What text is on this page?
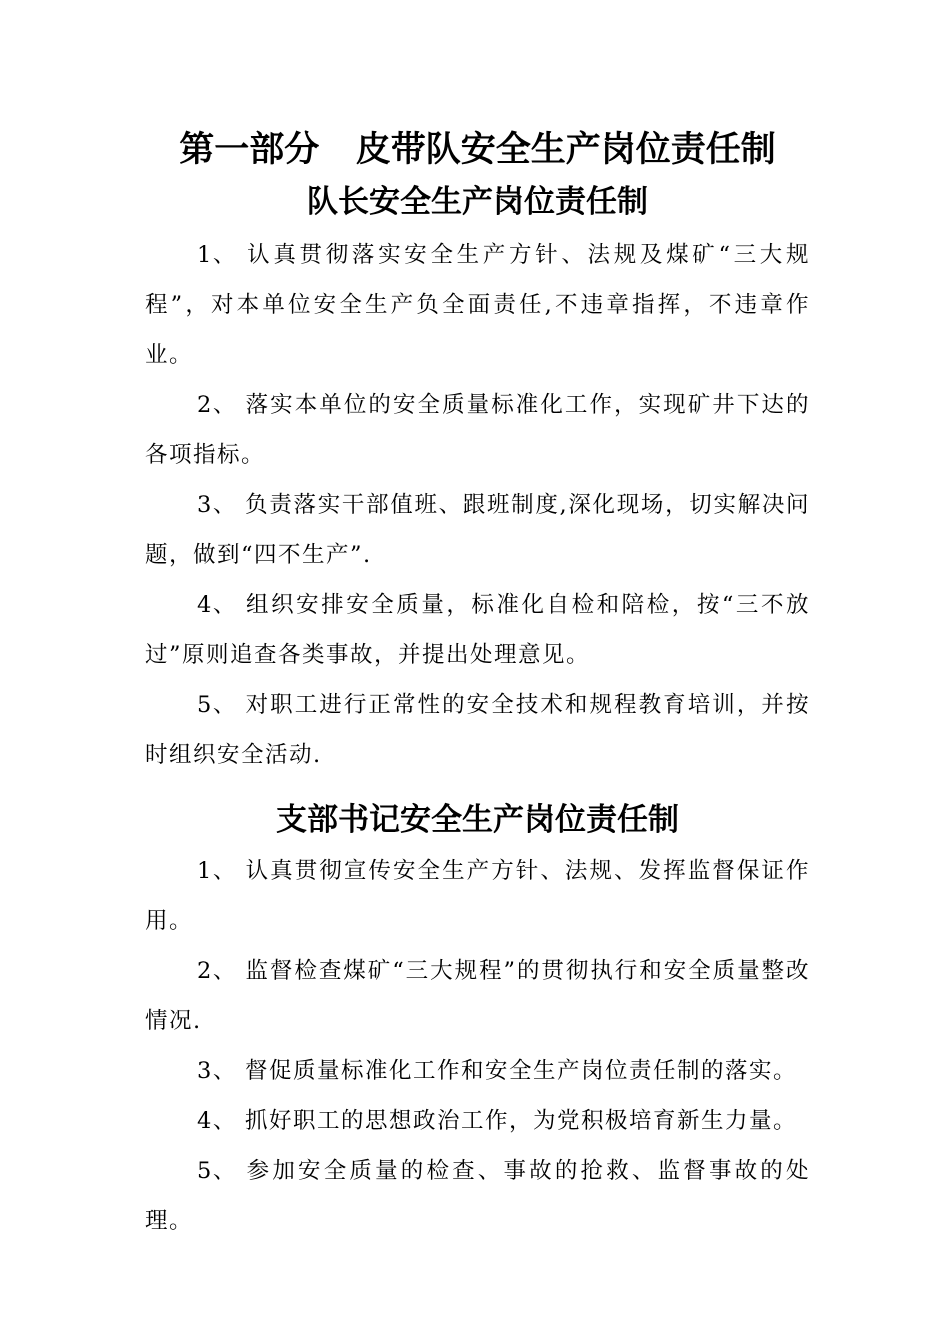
第一部分   皮带队安全生产岗位责任制
队长安全生产岗位责任制

1、 认真贯彻落实安全生产方针、法规及煤矿“三大规程”，对本单位安全生产负全面责任,不违章指挥，不违章作业。

2、 落实本单位的安全质量标准化工作，实现矿井下达的各项指标。

3、 负责落实干部值班、跟班制度,深化现场，切实解决问题，做到“四不生产”.

4、 组织安排安全质量，标准化自检和陪检，按“三不放过”原则追查各类事故，并提出处理意见。

5、 对职工进行正常性的安全技术和规程教育培训，并按时组织安全活动.

支部书记安全生产岗位责任制

1、 认真贯彻宣传安全生产方针、法规、发挥监督保证作用。

2、 监督检查煤矿“三大规程”的贯彻执行和安全质量整改情况.

3、 督促质量标准化工作和安全生产岗位责任制的落实。

4、 抓好职工的思想政治工作，为党积极培育新生力量。

5、 参加安全质量的检查、事故的抢救、监督事故的处理。
